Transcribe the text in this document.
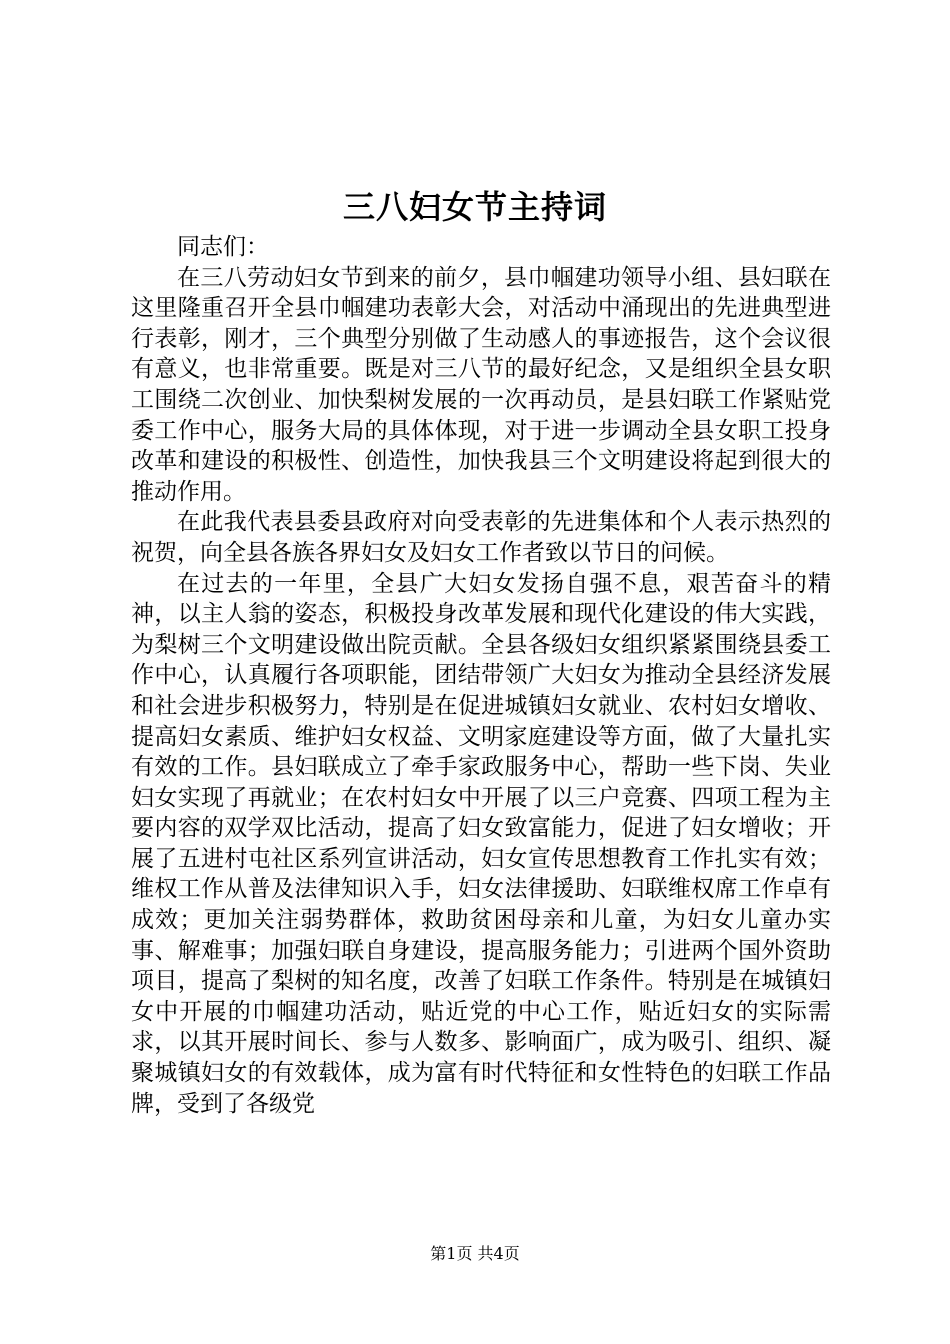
三八妇女节主持词

同志们：

在三八劳动妇女节到来的前夕，县巾帼建功领导小组、县妇联在这里隆重召开全县巾帼建功表彰大会，对活动中涌现出的先进典型进行表彰，刚才，三个典型分别做了生动感人的事迹报告，这个会议很有意义，也非常重要。既是对三八节的最好纪念，又是组织全县女职工围绕二次创业、加快梨树发展的一次再动员，是县妇联工作紧贴党委工作中心，服务大局的具体体现，对于进一步调动全县女职工投身改革和建设的积极性、创造性，加快我县三个文明建设将起到很大的推动作用。

在此我代表县委县政府对向受表彰的先进集体和个人表示热烈的祝贺，向全县各族各界妇女及妇女工作者致以节日的问候。

在过去的一年里，全县广大妇女发扬自强不息，艰苦奋斗的精神，以主人翁的姿态，积极投身改革发展和现代化建设的伟大实践，为梨树三个文明建设做出院贡献。全县各级妇女组织紧紧围绕县委工作中心，认真履行各项职能，团结带领广大妇女为推动全县经济发展和社会进步积极努力，特别是在促进城镇妇女就业、农村妇女增收、提高妇女素质、维护妇女权益、文明家庭建设等方面，做了大量扎实有效的工作。县妇联成立了牵手家政服务中心，帮助一些下岗、失业妇女实现了再就业；在农村妇女中开展了以三户竞赛、四项工程为主要内容的双学双比活动，提高了妇女致富能力，促进了妇女增收；开展了五进村屯社区系列宣讲活动，妇女宣传思想教育工作扎实有效；维权工作从普及法律知识入手，妇女法律援助、妇联维权席工作卓有成效；更加关注弱势群体，救助贫困母亲和儿童，为妇女儿童办实事、解难事；加强妇联自身建设，提高服务能力；引进两个国外资助项目，提高了梨树的知名度，改善了妇联工作条件。特别是在城镇妇女中开展的巾帼建功活动，贴近党的中心工作，贴近妇女的实际需求，以其开展时间长、参与人数多、影响面广，成为吸引、组织、凝聚城镇妇女的有效载体，成为富有时代特征和女性特色的妇联工作品牌，受到了各级党

第1页 共4页
